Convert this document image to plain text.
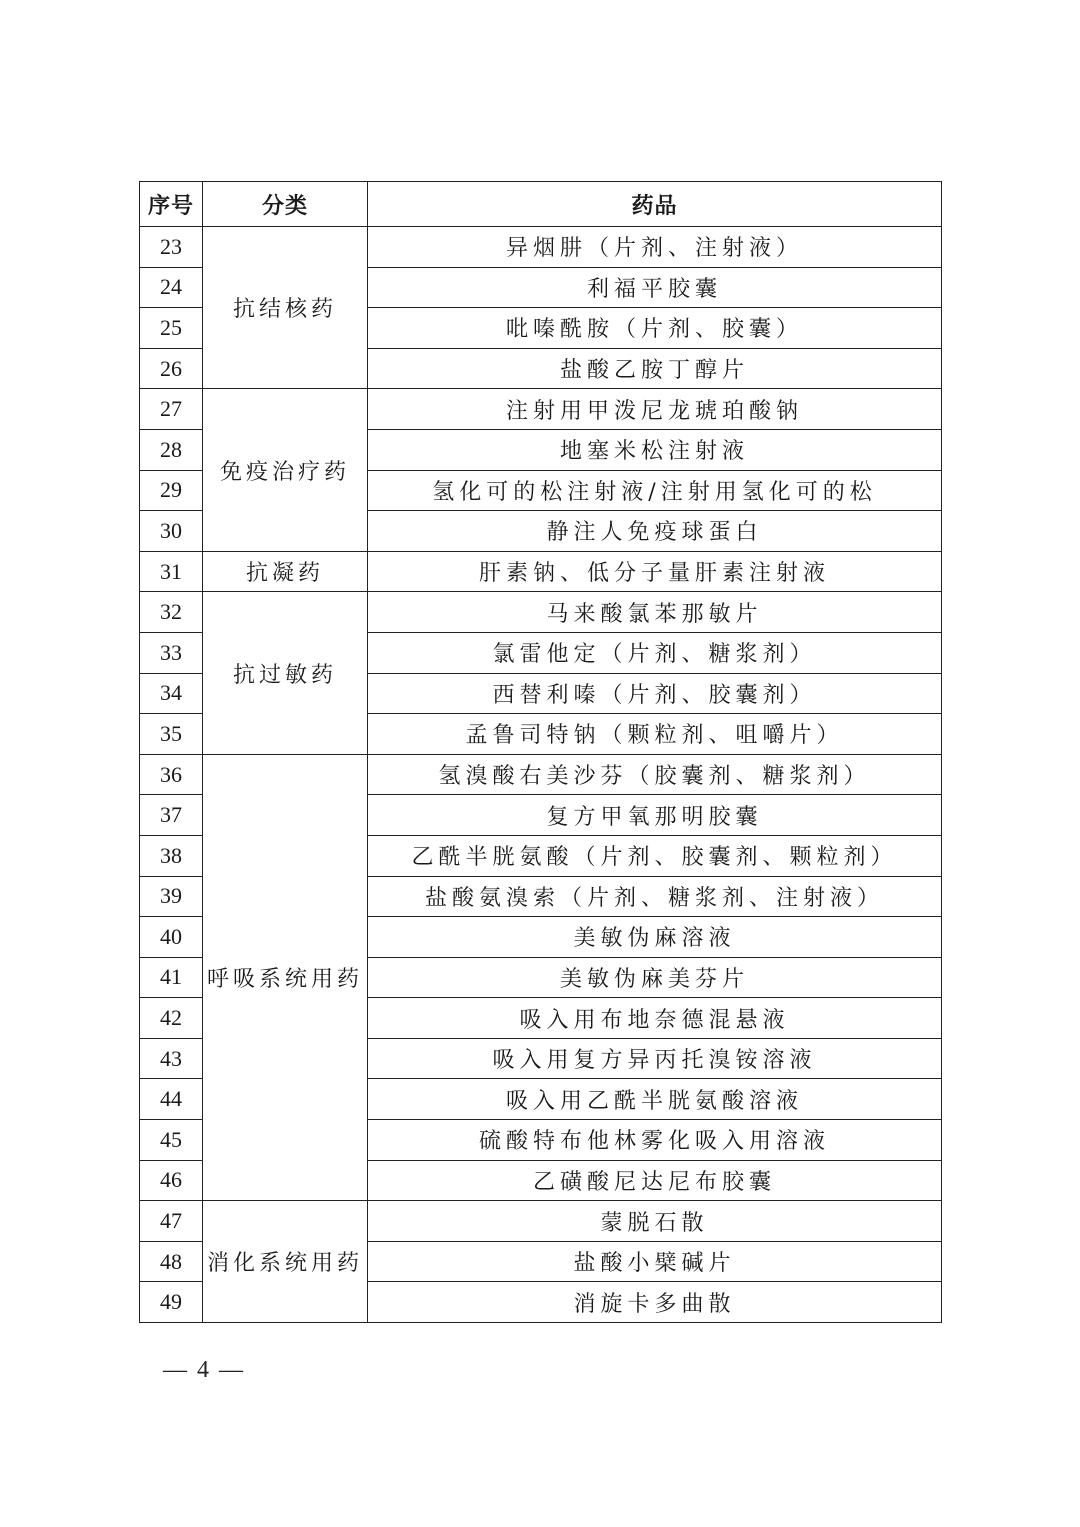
序号	分类	药品
23	抗结核药	异烟肼（片剂、注射液）
24		利福平胶囊
25		吡嗪酰胺（片剂、胶囊）
26		盐酸乙胺丁醇片
27	免疫治疗药	注射用甲泼尼龙琥珀酸钠
28		地塞米松注射液
29		氢化可的松注射液/注射用氢化可的松
30		静注人免疫球蛋白
31	抗凝药	肝素钠、低分子量肝素注射液
32	抗过敏药	马来酸氯苯那敏片
33		氯雷他定（片剂、糖浆剂）
34		西替利嗪（片剂、胶囊剂）
35		孟鲁司特钠（颗粒剂、咀嚼片）
36	呼吸系统用药	氢溴酸右美沙芬（胶囊剂、糖浆剂）
37		复方甲氧那明胶囊
38		乙酰半胱氨酸（片剂、胶囊剂、颗粒剂）
39		盐酸氨溴索（片剂、糖浆剂、注射液）
40		美敏伪麻溶液
41		美敏伪麻美芬片
42		吸入用布地奈德混悬液
43		吸入用复方异丙托溴铵溶液
44		吸入用乙酰半胱氨酸溶液
45		硫酸特布他林雾化吸入用溶液
46		乙磺酸尼达尼布胶囊
47	消化系统用药	蒙脱石散
48		盐酸小檗碱片
49		消旋卡多曲散
— 4 —
